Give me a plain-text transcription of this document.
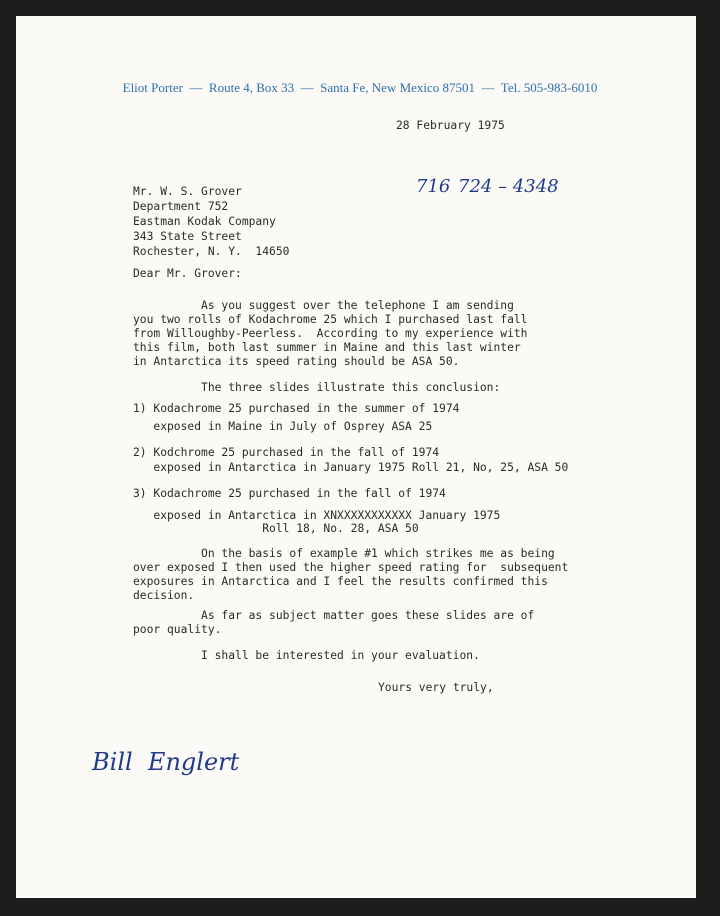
Eliot Porter  —  Route 4, Box 33  —  Santa Fe, New Mexico 87501  —  Tel. 505-983-6010
28 February 1975
716 724 – 4348
Mr. W. S. Grover
Department 752
Eastman Kodak Company
343 State Street
Rochester, N. Y.  14650
Dear Mr. Grover:
As you suggest over the telephone I am sending
you two rolls of Kodachrome 25 which I purchased last fall
from Willoughby-Peerless.  According to my experience with
this film, both last summer in Maine and this last winter
in Antarctica its speed rating should be ASA 50.
The three slides illustrate this conclusion:
1) Kodachrome 25 purchased in the summer of 1974
exposed in Maine in July of Osprey ASA 25
2) Kodchrome 25 purchased in the fall of 1974
exposed in Antarctica in January 1975 Roll 21, No, 25, ASA 50
3) Kodachrome 25 purchased in the fall of 1974
exposed in Antarctica in XNXXXXXXXXXXX January 1975
Roll 18, No. 28, ASA 50
On the basis of example #1 which strikes me as being
over exposed I then used the higher speed rating for  subsequent
exposures in Antarctica and I feel the results confirmed this
decision.
As far as subject matter goes these slides are of
poor quality.
I shall be interested in your evaluation.
Yours very truly,
Bill  Englert
